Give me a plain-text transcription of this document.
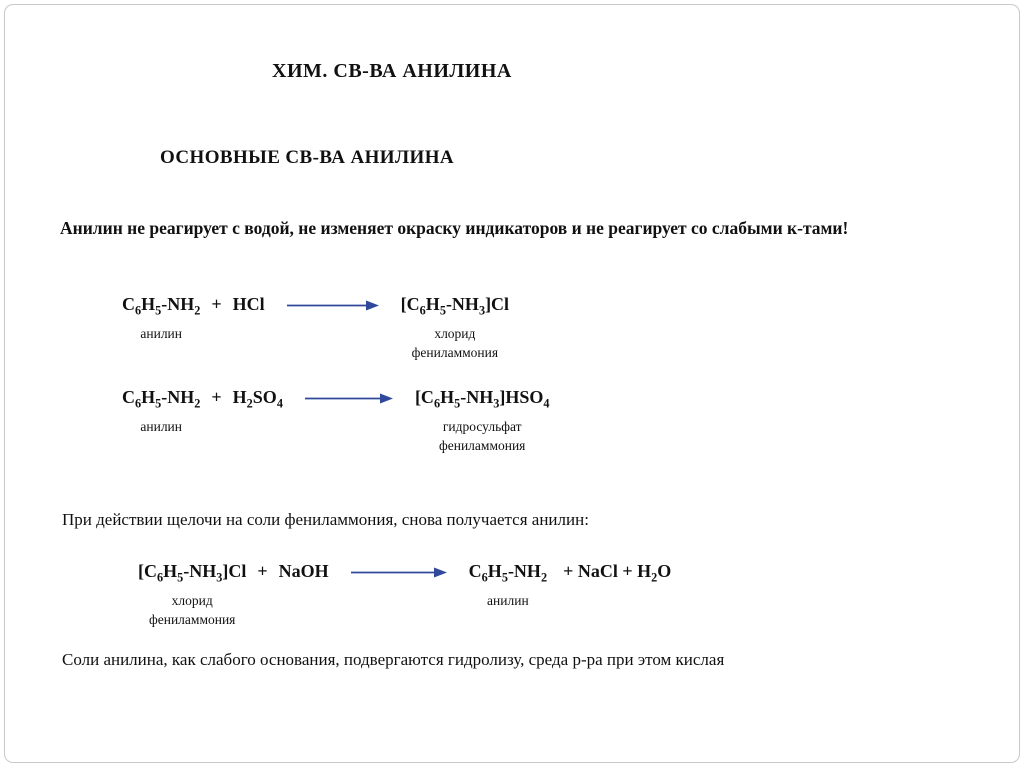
ХИМ. СВ-ВА АНИЛИНА
ОСНОВНЫЕ СВ-ВА АНИЛИНА
Анилин не реагирует с водой, не изменяет окраску индикаторов и не реагирует со слабыми к-тами!
$C_6H_5-NH_2$
анилин
+ HCl	$[C_6H_5-NH_3]Cl$
хлорид
фениламмония
$C_6H_5-NH_2$
анилин
+ $H_2SO_4$	$[C_6H_5-NH_3]HSO_4$
гидросульфат
фениламмония
При действии щелочи на соли фениламмония, снова получается анилин:
$[C_6H_5-NH_3]Cl$
хлорид
фениламмония
+ NaOH	$C_6H_5-NH_2$
анилин
+ NaCl + $H_2O$
Соли анилина, как слабого основания, подвергаются гидролизу, среда р-ра при этом кислая
